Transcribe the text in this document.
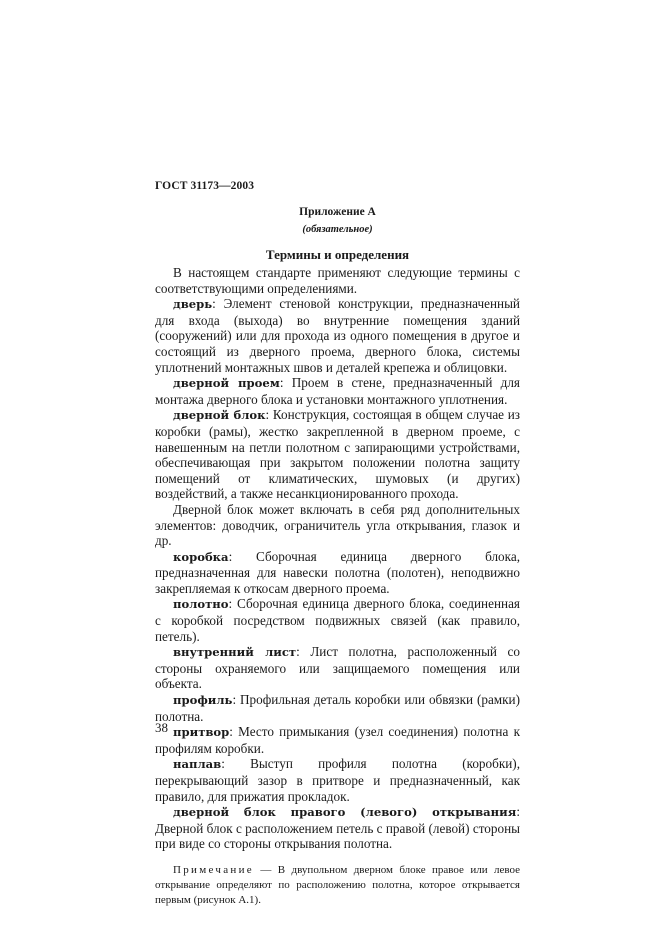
ГОСТ 31173—2003
Приложение А
(обязательное)
Термины и определения

В настоящем стандарте применяют следующие термины с соответствующими определениями.

дверь: Элемент стеновой конструкции, предназначенный для входа (выхода) во внутренние помещения зданий (сооружений) или для прохода из одного помещения в другое и состоящий из дверного проема, дверного блока, системы уплотнений монтажных швов и деталей крепежа и облицовки.

дверной проем: Проем в стене, предназначенный для монтажа дверного блока и установки монтажного уплотнения.

дверной блок: Конструкция, состоящая в общем случае из коробки (рамы), жестко закрепленной в дверном проеме, с навешенным на петли полотном с запирающими устройствами, обеспечивающая при закрытом положении полотна защиту помещений от климатических, шумовых (и других) воздействий, а также несанкционированного прохода.

Дверной блок может включать в себя ряд дополнительных элементов: доводчик, ограничитель угла открывания, глазок и др.

коробка: Сборочная единица дверного блока, предназначенная для навески полотна (полотен), неподвижно закрепляемая к откосам дверного проема.

полотно: Сборочная единица дверного блока, соединенная с коробкой посредством подвижных связей (как правило, петель).

внутренний лист: Лист полотна, расположенный со стороны охраняемого или защищаемого помещения или объекта.

профиль: Профильная деталь коробки или обвязки (рамки) полотна.

притвор: Место примыкания (узел соединения) полотна к профилям коробки.

наплав: Выступ профиля полотна (коробки), перекрывающий зазор в притворе и предназначенный, как правило, для прижатия прокладок.

дверной блок правого (левого) открывания: Дверной блок с расположением петель с правой (левой) стороны при виде со стороны открывания полотна.

Примечание — В двупольном дверном блоке правое или левое открывание определяют по расположению полотна, которое открывается первым (рисунок А.1).

38
